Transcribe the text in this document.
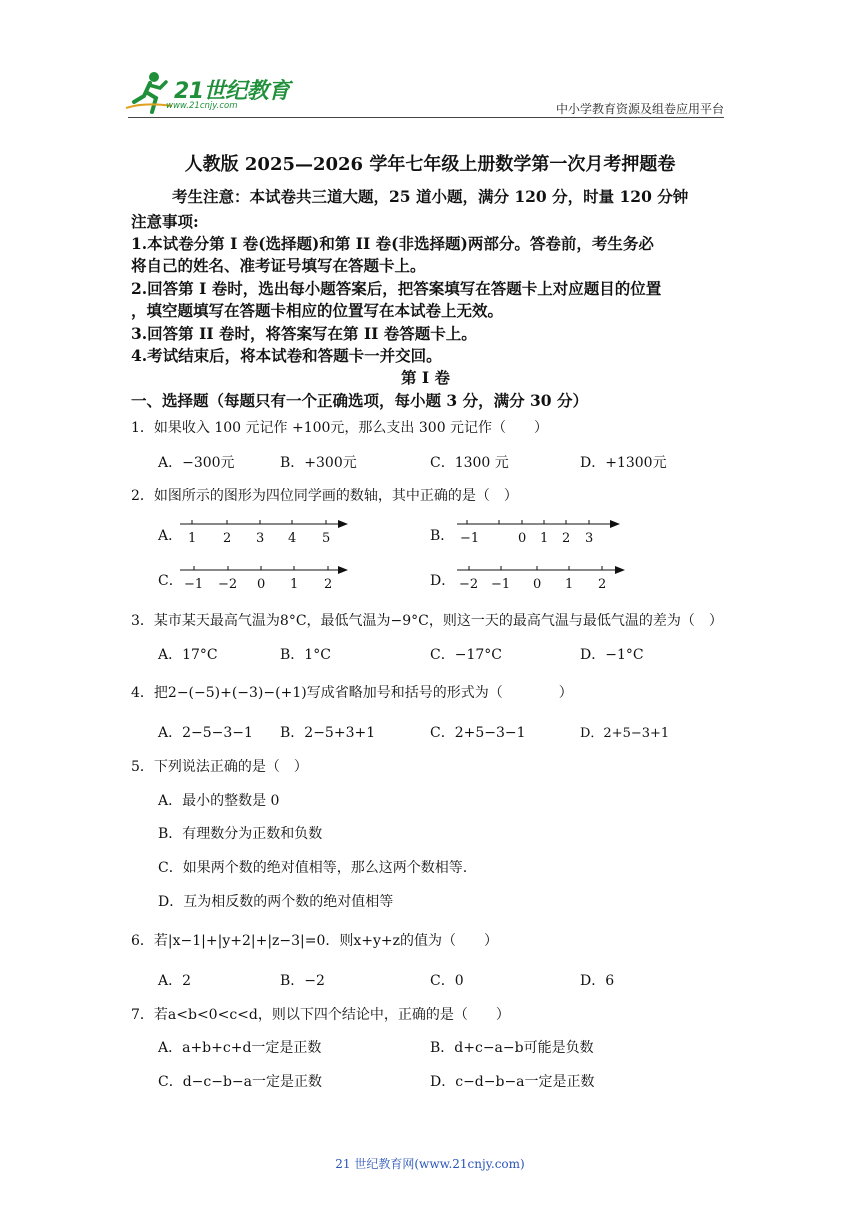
21世纪教育
www.21cnjy.com	中小学教育资源及组卷应用平台
人教版 2025—2026 学年七年级上册数学第一次月考押题卷
考生注意：本试卷共三道大题，25 道小题，满分 120 分，时量 120 分钟
注意事项:
1.本试卷分第 I 卷(选择题)和第 II 卷(非选择题)两部分。答卷前，考生务必
将自己的姓名、准考证号填写在答题卡上。
2.回答第 I 卷时，选出每小题答案后，把答案填写在答题卡上对应题目的位置
，填空题填写在答题卡相应的位置写在本试卷上无效。
3.回答第 II 卷时，将答案写在第 II 卷答题卡上。
4.考试结束后，将本试卷和答题卡一并交回。
第 I 卷
一、选择题（每题只有一个正确选项，每小题 3 分，满分 30 分）
1．如果收入 100 元记作 +100元，那么支出 300 元记作（　　）
A．−300元	B．+300元	C．1300 元	D．+1300元
2．如图所示的图形为四位同学画的数轴，其中正确的是（　）
A．	B．
C．	D．
1 2 3 4 5	−1	0 1 2 3
−1 −2 0 1 2	−2 −1 0 1 2
3．某市某天最高气温为8°C，最低气温为−9°C，则这一天的最高气温与最低气温的差为（　）
A．17°C	B．1°C	C．−17°C	D．−1°C
4．把2−(−5)+(−3)−(+1)写成省略加号和括号的形式为（　　　　）
A．2−5−3−1 B．2−5+3+1	C．2+5−3−1	D．2+5−3+1
5．下列说法正确的是（　）
A．最小的整数是 0
B．有理数分为正数和负数
C．如果两个数的绝对值相等，那么这两个数相等.
D．互为相反数的两个数的绝对值相等
6．若|x−1|+|y+2|+|z−3|=0．则x+y+z的值为（　　）
A．2	B．−2	C．0	D．6
7．若a<b<0<c<d，则以下四个结论中，正确的是（　　）
A．a+b+c+d一定是正数	B．d+c−a−b可能是负数
C．d−c−b−a一定是正数	D．c−d−b−a一定是正数
21 世纪教育网(www.21cnjy.com)
